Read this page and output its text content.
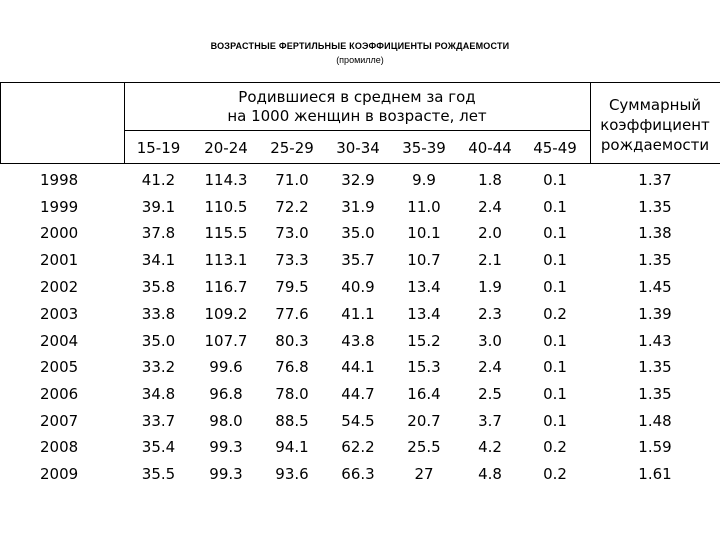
ВОЗРАСТНЫЕ ФЕРТИЛЬНЫЕ КОЭФФИЦИЕНТЫ РОЖДАЕМОСТИ
(промилле)
Родившиеся в среднем за год
на 1000 женщин в возрасте, лет
Суммарный
коэффициент
рождаемости
15-19	20-24	25-29	30-34	35-39	40-44	45-49
1998	41.2	114.3	71.0	32.9	9.9	1.8	0.1	1.37
1999	39.1	110.5	72.2	31.9	11.0	2.4	0.1	1.35
2000	37.8	115.5	73.0	35.0	10.1	2.0	0.1	1.38
2001	34.1	113.1	73.3	35.7	10.7	2.1	0.1	1.35
2002	35.8	116.7	79.5	40.9	13.4	1.9	0.1	1.45
2003	33.8	109.2	77.6	41.1	13.4	2.3	0.2	1.39
2004	35.0	107.7	80.3	43.8	15.2	3.0	0.1	1.43
2005	33.2	99.6	76.8	44.1	15.3	2.4	0.1	1.35
2006	34.8	96.8	78.0	44.7	16.4	2.5	0.1	1.35
2007	33.7	98.0	88.5	54.5	20.7	3.7	0.1	1.48
2008	35.4	99.3	94.1	62.2	25.5	4.2	0.2	1.59
2009	35.5	99.3	93.6	66.3	27	4.8	0.2	1.61
